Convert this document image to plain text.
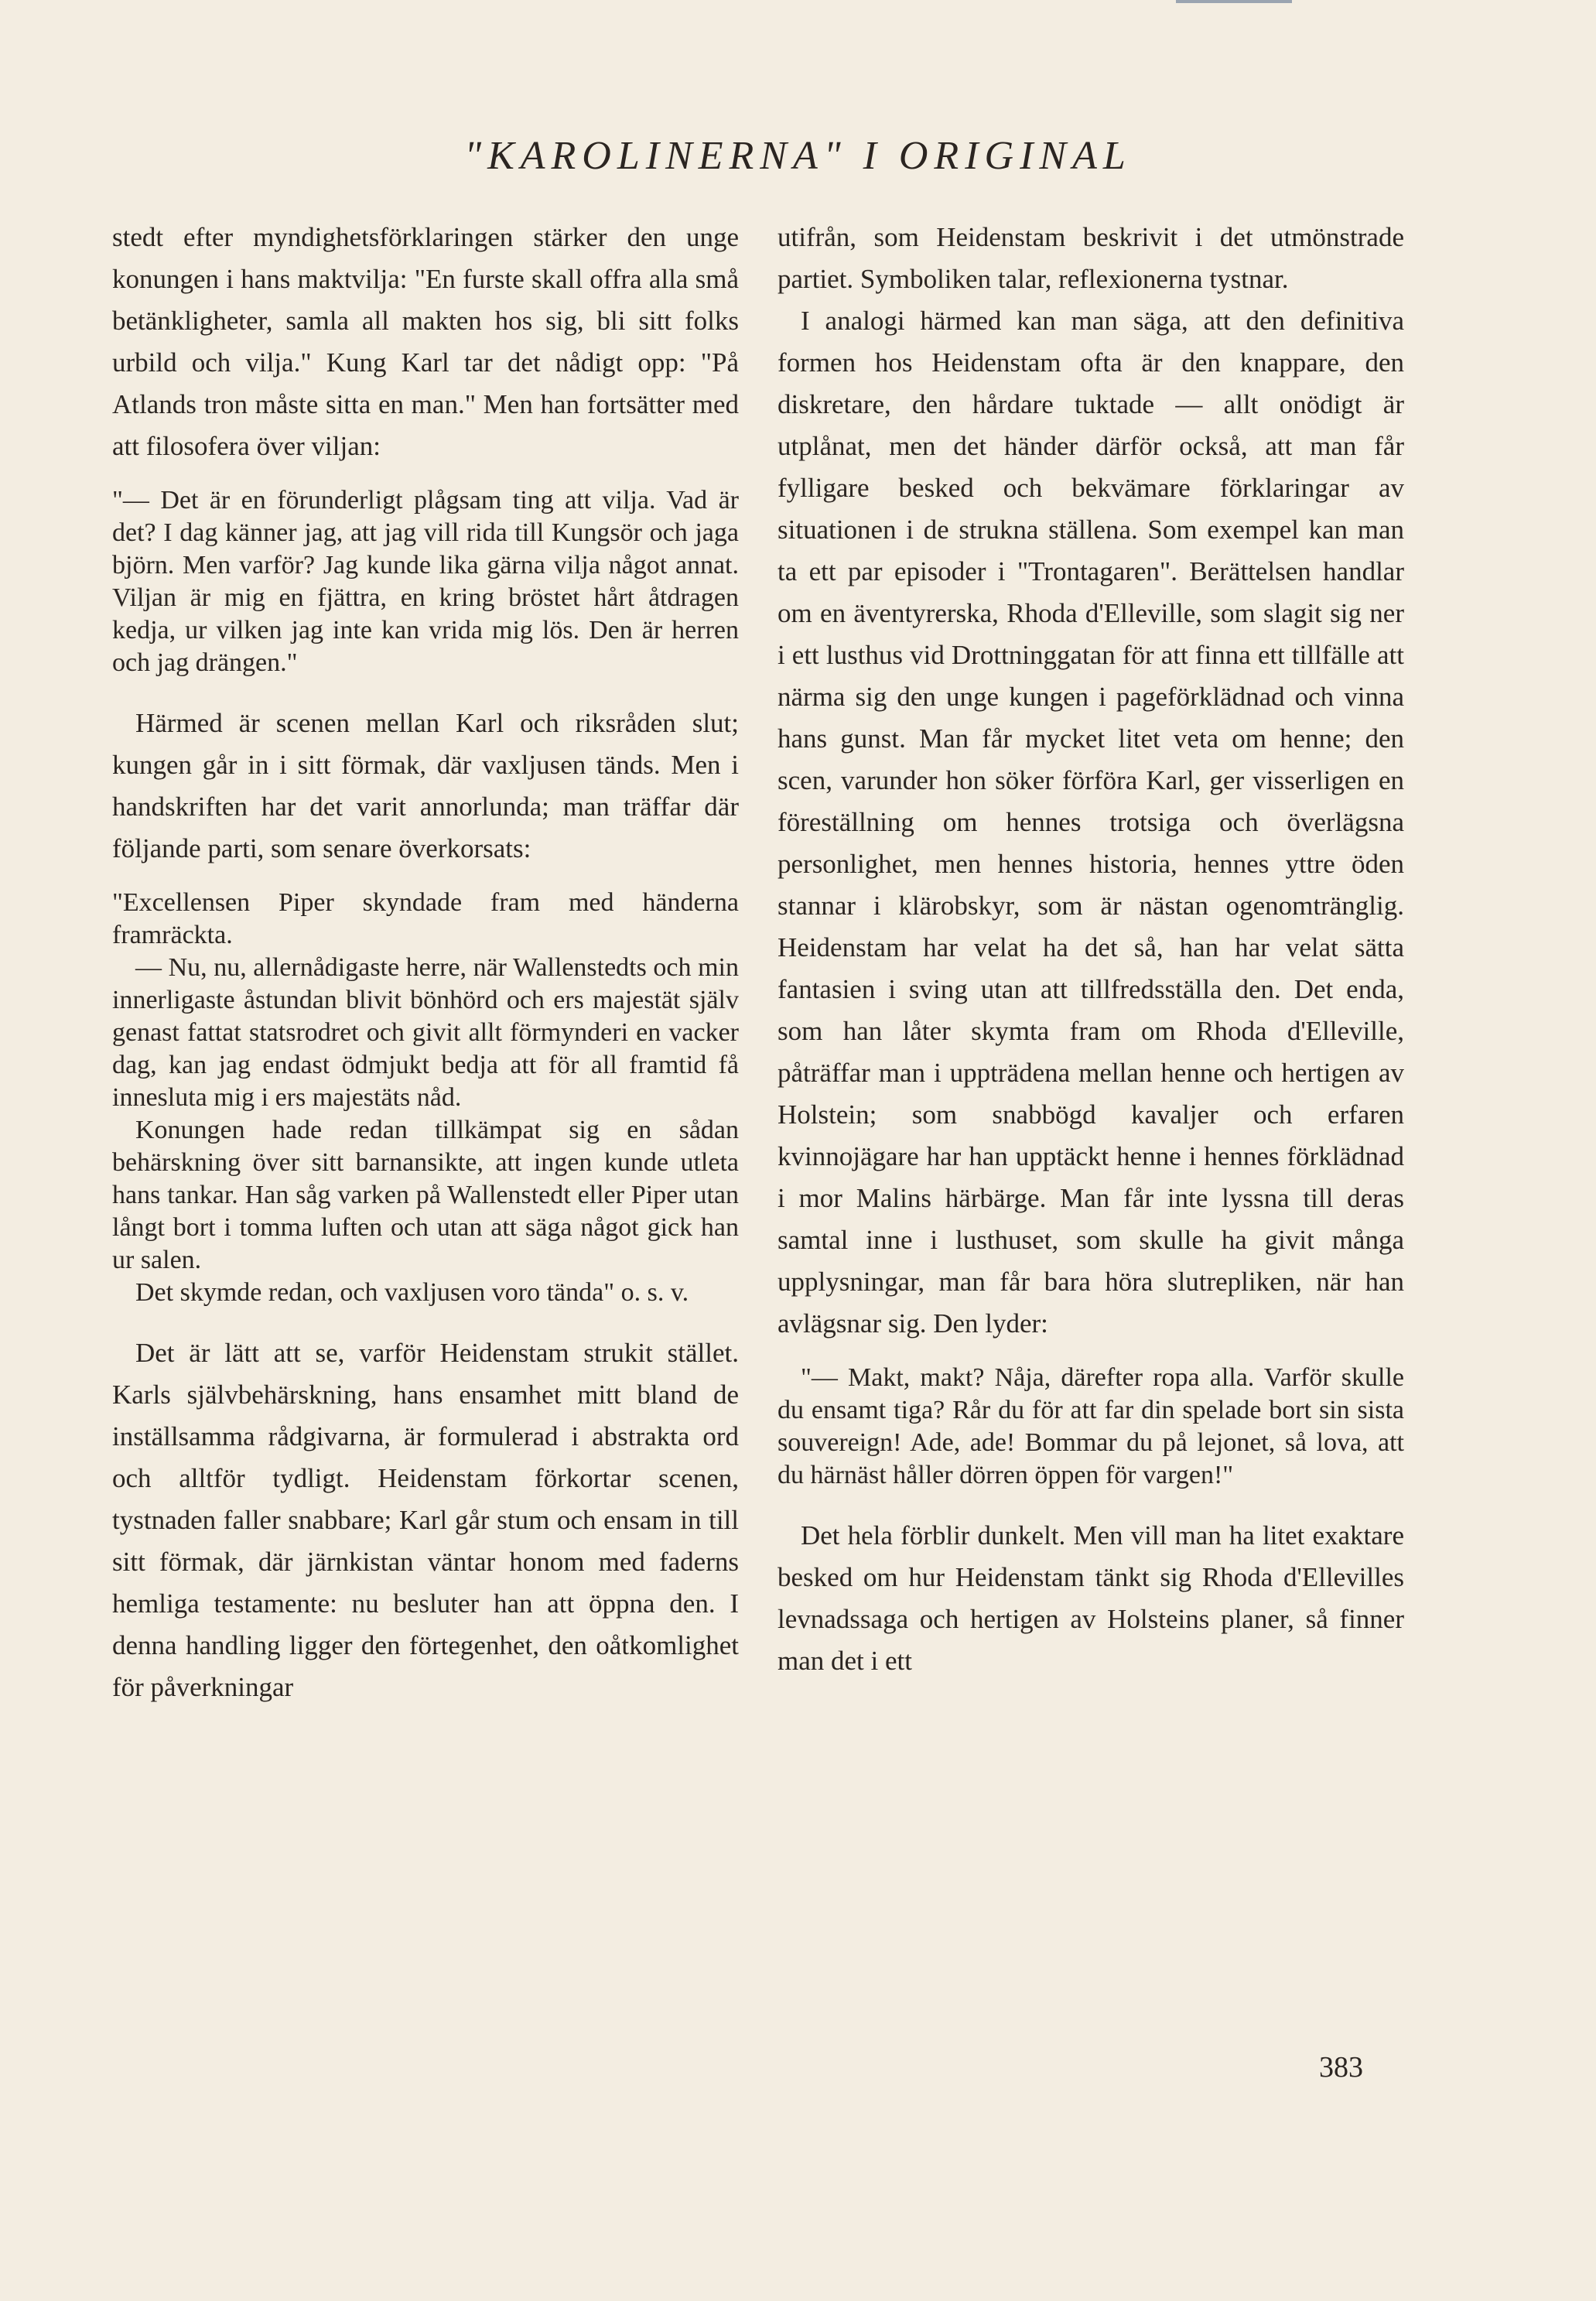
"KAROLINERNA" I ORIGINAL

stedt efter myndighetsförklaringen stärker den unge konungen i hans maktvilja: "En furste skall offra alla små betänkligheter, samla all makten hos sig, bli sitt folks urbild och vilja." Kung Karl tar det nådigt opp: "På Atlands tron måste sitta en man." Men han fortsätter med att filosofera över viljan:

"— Det är en förunderligt plågsam ting att vilja. Vad är det? I dag känner jag, att jag vill rida till Kungsör och jaga björn. Men varför? Jag kunde lika gärna vilja något annat. Viljan är mig en fjättra, en kring bröstet hårt åtdragen kedja, ur vilken jag inte kan vrida mig lös. Den är herren och jag drängen."

Härmed är scenen mellan Karl och riksråden slut; kungen går in i sitt förmak, där vaxljusen tänds. Men i handskriften har det varit annorlunda; man träffar där följande parti, som senare överkorsats:

"Excellensen Piper skyndade fram med händerna framräckta.

— Nu, nu, allernådigaste herre, när Wallenstedts och min innerligaste åstundan blivit bönhörd och ers majestät själv genast fattat statsrodret och givit allt förmynderi en vacker dag, kan jag endast ödmjukt bedja att för all framtid få innesluta mig i ers majestäts nåd.

Konungen hade redan tillkämpat sig en sådan behärskning över sitt barnansikte, att ingen kunde utleta hans tankar. Han såg varken på Wallenstedt eller Piper utan långt bort i tomma luften och utan att säga något gick han ur salen.

Det skymde redan, och vaxljusen voro tända" o. s. v.

Det är lätt att se, varför Heidenstam strukit stället. Karls självbehärskning, hans ensamhet mitt bland de inställsamma rådgivarna, är formulerad i abstrakta ord och alltför tydligt. Heidenstam förkortar scenen, tystnaden faller snabbare; Karl går stum och ensam in till sitt förmak, där järnkistan väntar honom med faderns hemliga testamente: nu besluter han att öppna den. I denna handling ligger den förtegenhet, den oåtkomlighet för påverkningar

utifrån, som Heidenstam beskrivit i det utmönstrade partiet. Symboliken talar, reflexionerna tystnar.

I analogi härmed kan man säga, att den definitiva formen hos Heidenstam ofta är den knappare, den diskretare, den hårdare tuktade — allt onödigt är utplånat, men det händer därför också, att man får fylligare besked och bekvämare förklaringar av situationen i de strukna ställena. Som exempel kan man ta ett par episoder i "Trontagaren". Berättelsen handlar om en äventyrerska, Rhoda d'Elleville, som slagit sig ner i ett lusthus vid Drottninggatan för att finna ett tillfälle att närma sig den unge kungen i pageförklädnad och vinna hans gunst. Man får mycket litet veta om henne; den scen, varunder hon söker förföra Karl, ger visserligen en föreställning om hennes trotsiga och överlägsna personlighet, men hennes historia, hennes yttre öden stannar i klärobskyr, som är nästan ogenomtränglig. Heidenstam har velat ha det så, han har velat sätta fantasien i sving utan att tillfredsställa den. Det enda, som han låter skymta fram om Rhoda d'Elleville, påträffar man i uppträdena mellan henne och hertigen av Holstein; som snabbögd kavaljer och erfaren kvinnojägare har han upptäckt henne i hennes förklädnad i mor Malins härbärge. Man får inte lyssna till deras samtal inne i lusthuset, som skulle ha givit många upplysningar, man får bara höra slutrepliken, när han avlägsnar sig. Den lyder:

"— Makt, makt? Nåja, därefter ropa alla. Varför skulle du ensamt tiga? Rår du för att far din spelade bort sin sista souvereign! Ade, ade! Bommar du på lejonet, så lova, att du härnäst håller dörren öppen för vargen!"

Det hela förblir dunkelt. Men vill man ha litet exaktare besked om hur Heidenstam tänkt sig Rhoda d'Ellevilles levnadssaga och hertigen av Holsteins planer, så finner man det i ett

383
